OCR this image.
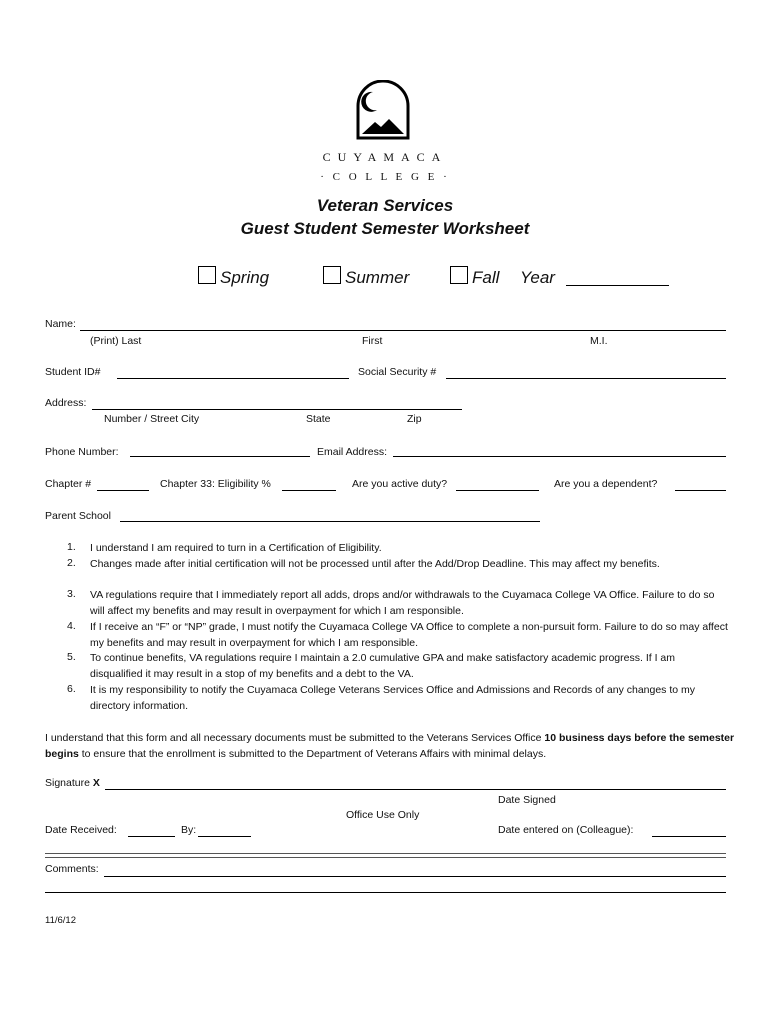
CUYAMACA
· C O L L E G E ·
Veteran Services
Guest Student Semester Worksheet
Spring	Summer	Fall Year
Name:
(Print) Last	First	M.I.
Student ID#	Social Security #
Address:
Number / Street City	State	Zip
Phone Number:	Email Address:
Chapter #	Chapter 33: Eligibility %	Are you active duty?	Are you a dependent?
Parent School
1. I understand I am required to turn in a Certification of Eligibility.
2. Changes made after initial certification will not be processed until after the Add/Drop Deadline. This may affect my benefits.
3. VA regulations require that I immediately report all adds, drops and/or withdrawals to the Cuyamaca College VA Office. Failure to do so will affect my benefits and may result in overpayment for which I am responsible.
4. If I receive an “F” or “NP” grade, I must notify the Cuyamaca College VA Office to complete a non-pursuit form. Failure to do so may affect my benefits and may result in overpayment for which I am responsible.
5. To continue benefits, VA regulations require I maintain a 2.0 cumulative GPA and make satisfactory academic progress. If I am disqualified it may result in a stop of my benefits and a debt to the VA.
6. It is my responsibility to notify the Cuyamaca College Veterans Services Office and Admissions and Records of any changes to my directory information.
I understand that this form and all necessary documents must be submitted to the Veterans Services Office 10 business days before the semester begins to ensure that the enrollment is submitted to the Department of Veterans Affairs with minimal delays.
Signature X
Date Signed
Office Use Only
Date Received:	By:	Date entered on (Colleague):
Comments:
11/6/12
